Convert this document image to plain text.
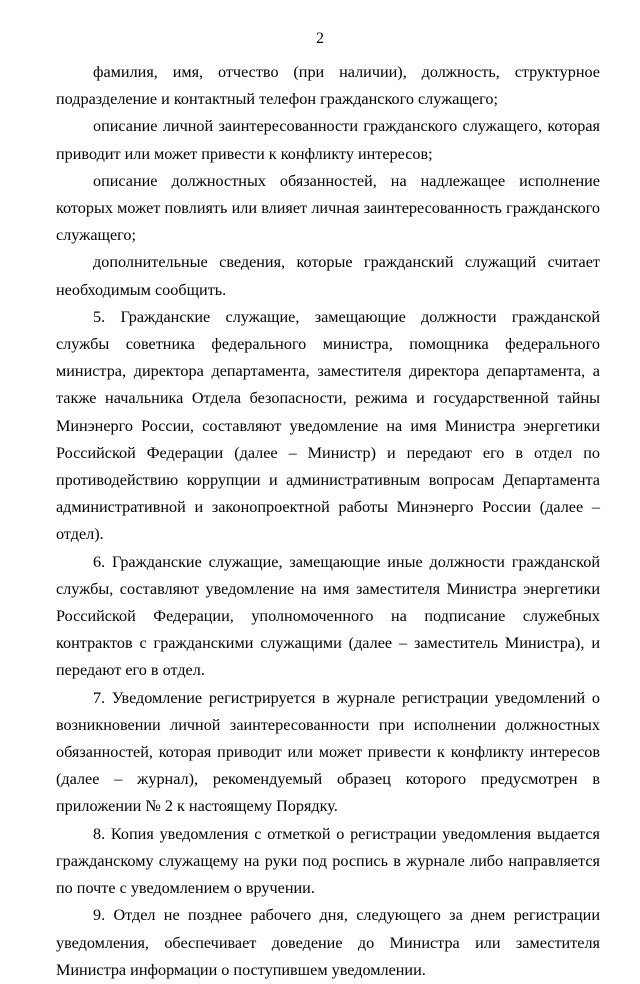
2

фамилия, имя, отчество (при наличии), должность, структурное подразделение и контактный телефон гражданского служащего;

описание личной заинтересованности гражданского служащего, которая приводит или может привести к конфликту интересов;

описание должностных обязанностей, на надлежащее исполнение которых может повлиять или влияет личная заинтересованность гражданского служащего;

дополнительные сведения, которые гражданский служащий считает необходимым сообщить.

5. Гражданские служащие, замещающие должности гражданской службы советника федерального министра, помощника федерального министра, директора департамента, заместителя директора департамента, а также начальника Отдела безопасности, режима и государственной тайны Минэнерго России, составляют уведомление на имя Министра энергетики Российской Федерации (далее – Министр) и передают его в отдел по противодействию коррупции и административным вопросам Департамента административной и законопроектной работы Минэнерго России (далее – отдел).

6. Гражданские служащие, замещающие иные должности гражданской службы, составляют уведомление на имя заместителя Министра энергетики Российской Федерации, уполномоченного на подписание служебных контрактов с гражданскими служащими (далее – заместитель Министра), и передают его в отдел.

7. Уведомление регистрируется в журнале регистрации уведомлений о возникновении личной заинтересованности при исполнении должностных обязанностей, которая приводит или может привести к конфликту интересов (далее – журнал), рекомендуемый образец которого предусмотрен в приложении № 2 к настоящему Порядку.

8. Копия уведомления с отметкой о регистрации уведомления выдается гражданскому служащему на руки под роспись в журнале либо направляется по почте с уведомлением о вручении.

9. Отдел не позднее рабочего дня, следующего за днем регистрации уведомления, обеспечивает доведение до Министра или заместителя Министра информации о поступившем уведомлении.
